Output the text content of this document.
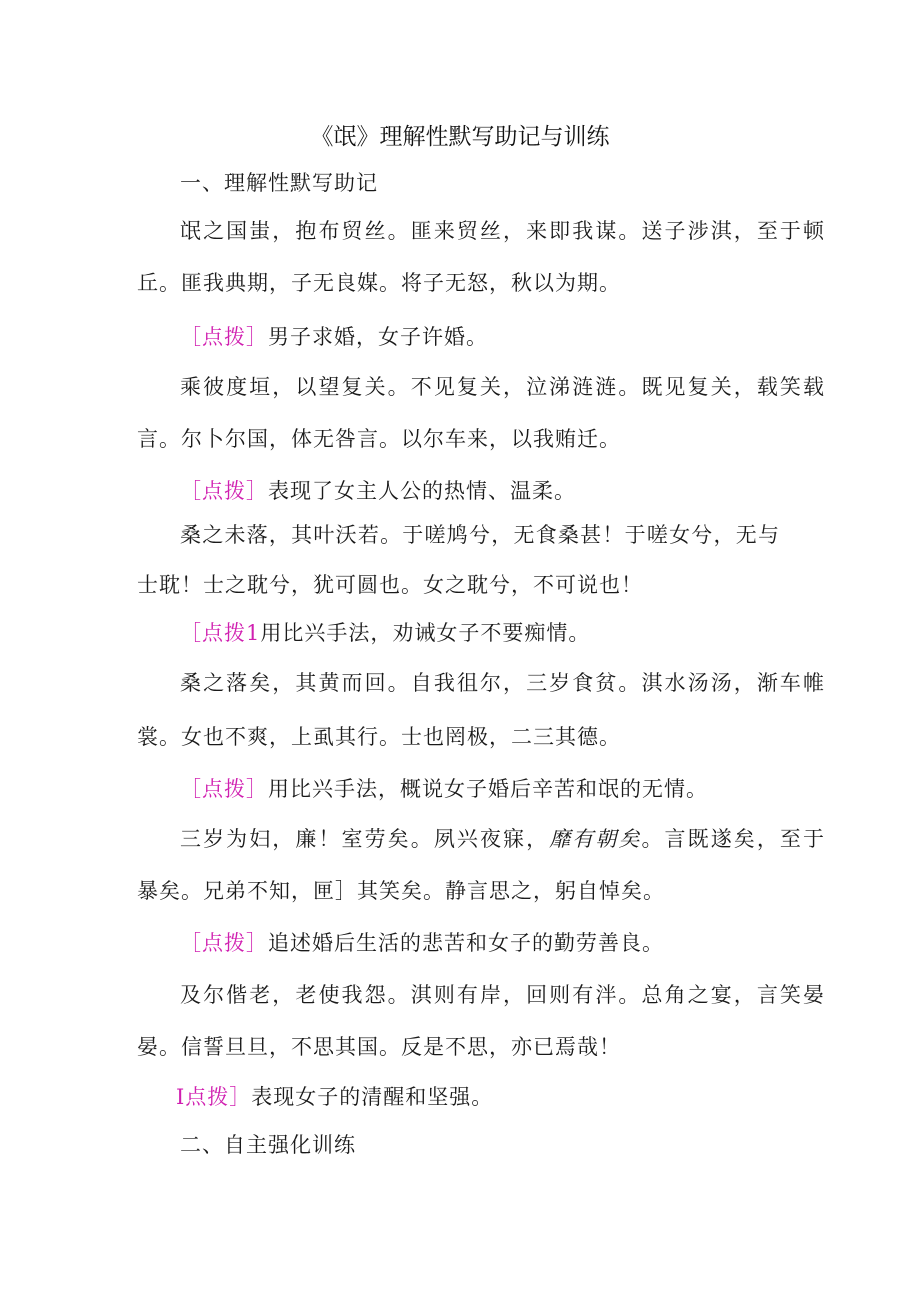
《氓》理解性默写助记与训练
一、理解性默写助记
氓之国蚩，抱布贸丝。匪来贸丝，来即我谋。送子涉淇，至于顿
丘。匪我典期，子无良媒。将子无怒，秋以为期。
［点拨］男子求婚，女子许婚。
乘彼度垣，以望复关。不见复关，泣涕涟涟。既见复关，载笑载
言。尔卜尔国，体无咎言。以尔车来，以我贿迁。
［点拨］表现了女主人公的热情、温柔。
桑之未落，其叶沃若。于嗟鸠兮，无食桑甚！于嗟女兮，无与
士耽！士之耽兮，犹可圆也。女之耽兮，不可说也！
［点拨1用比兴手法，劝诫女子不要痴情。
桑之落矣，其黄而回。自我徂尔，三岁食贫。淇水汤汤，渐车帷
裳。女也不爽，上虱其行。士也罔极，二三其德。
［点拨］用比兴手法，概说女子婚后辛苦和氓的无情。
三岁为妇，廉！室劳矣。夙兴夜寐，靡有朝矣。言既遂矣，至于
暴矣。兄弟不知，匣］其笑矣。静言思之，躬自悼矣。
［点拨］追述婚后生活的悲苦和女子的勤劳善良。
及尔偕老，老使我怨。淇则有岸，回则有泮。总角之宴，言笑晏
晏。信誓旦旦，不思其国。反是不思，亦已焉哉！
I点拨］表现女子的清醒和坚强。
二、自主强化训练
